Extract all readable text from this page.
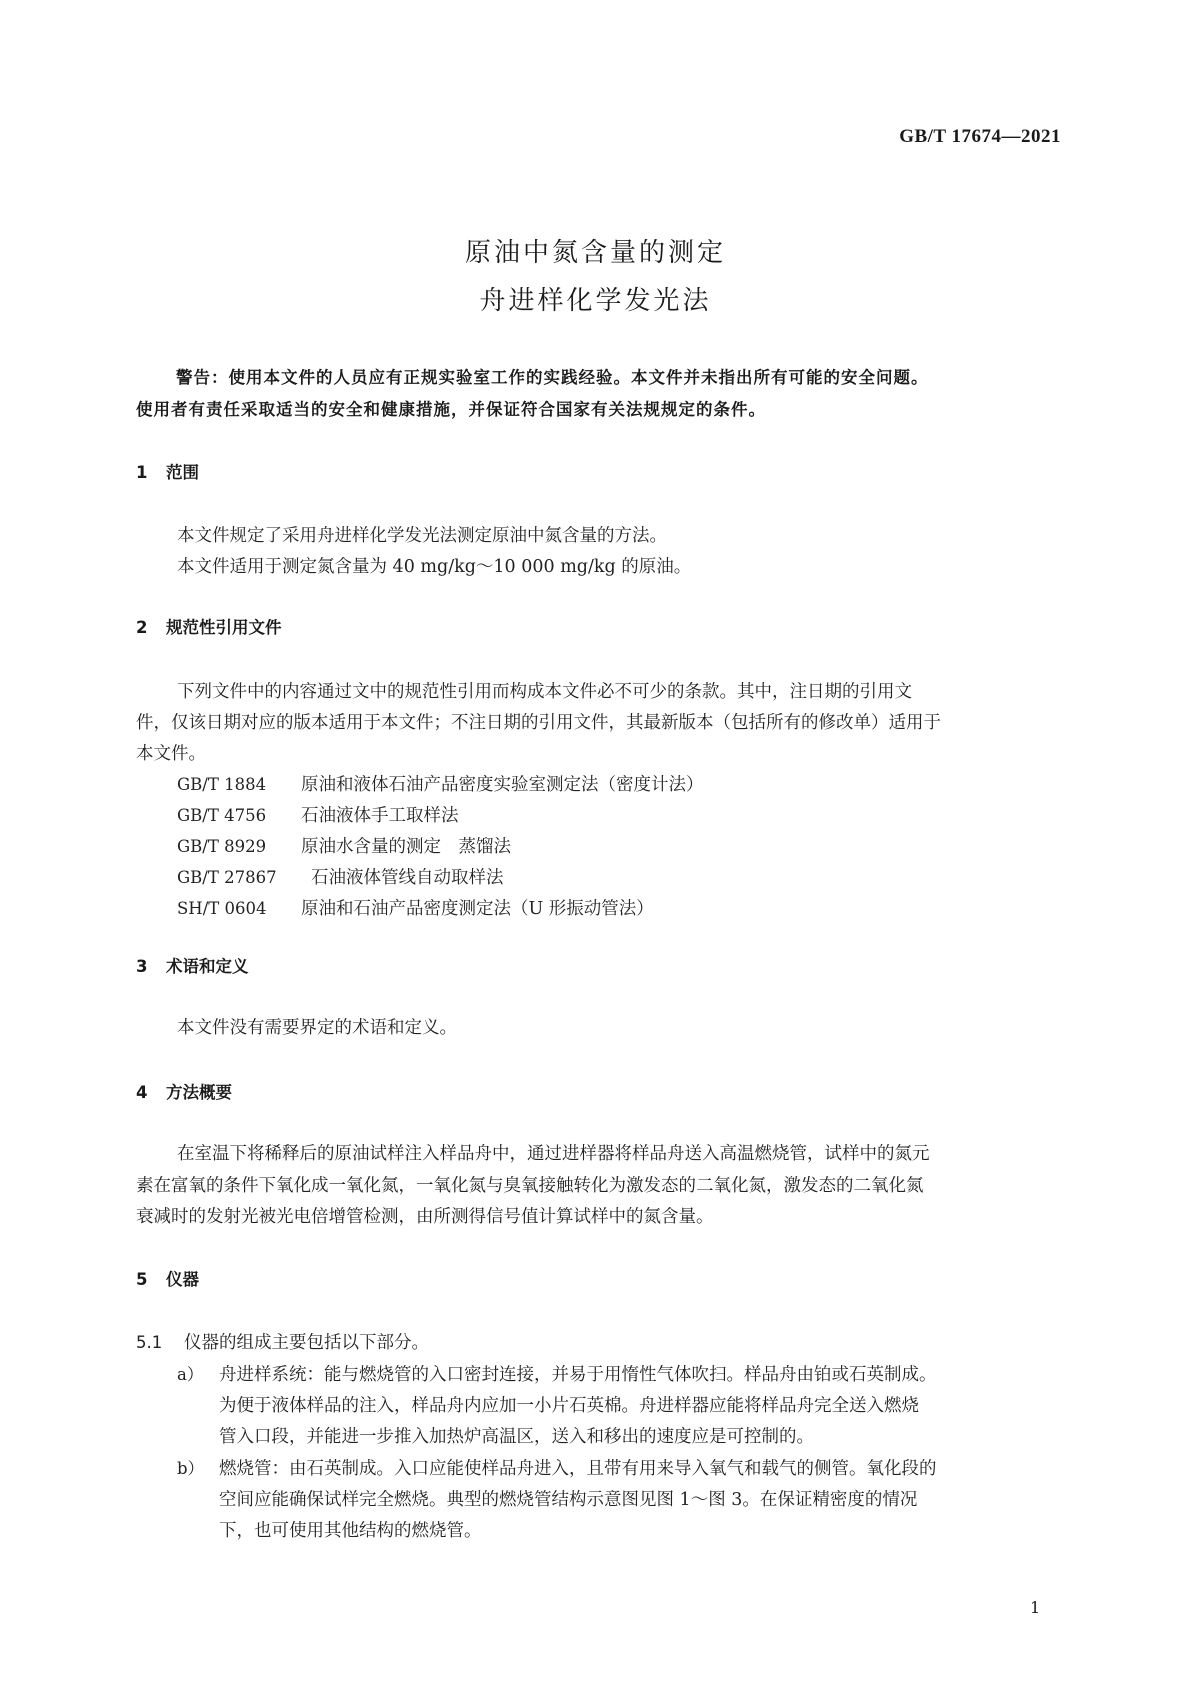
GB/T 17674—2021
原油中氮含量的测定
舟进样化学发光法
警告：使用本文件的人员应有正规实验室工作的实践经验。本文件并未指出所有可能的安全问题。
使用者有责任采取适当的安全和健康措施，并保证符合国家有关法规规定的条件。
1 范围
本文件规定了采用舟进样化学发光法测定原油中氮含量的方法。
本文件适用于测定氮含量为 40 mg/kg～10 000 mg/kg 的原油。
2 规范性引用文件
下列文件中的内容通过文中的规范性引用而构成本文件必不可少的条款。其中，注日期的引用文
件，仅该日期对应的版本适用于本文件；不注日期的引用文件，其最新版本（包括所有的修改单）适用于
本文件。
GB/T 1884 原油和液体石油产品密度实验室测定法（密度计法）
GB/T 4756 石油液体手工取样法
GB/T 8929 原油水含量的测定　蒸馏法
GB/T 27867 石油液体管线自动取样法
SH/T 0604 原油和石油产品密度测定法（U 形振动管法）
3 术语和定义
本文件没有需要界定的术语和定义。
4 方法概要
在室温下将稀释后的原油试样注入样品舟中，通过进样器将样品舟送入高温燃烧管，试样中的氮元
素在富氧的条件下氧化成一氧化氮，一氧化氮与臭氧接触转化为激发态的二氧化氮，激发态的二氧化氮
衰减时的发射光被光电倍增管检测，由所测得信号值计算试样中的氮含量。
5 仪器
5.1 仪器的组成主要包括以下部分。
a） 舟进样系统：能与燃烧管的入口密封连接，并易于用惰性气体吹扫。样品舟由铂或石英制成。
为便于液体样品的注入，样品舟内应加一小片石英棉。舟进样器应能将样品舟完全送入燃烧
管入口段，并能进一步推入加热炉高温区，送入和移出的速度应是可控制的。
b） 燃烧管：由石英制成。入口应能使样品舟进入，且带有用来导入氧气和载气的侧管。氧化段的
空间应能确保试样完全燃烧。典型的燃烧管结构示意图见图 1～图 3。在保证精密度的情况
下，也可使用其他结构的燃烧管。
1
